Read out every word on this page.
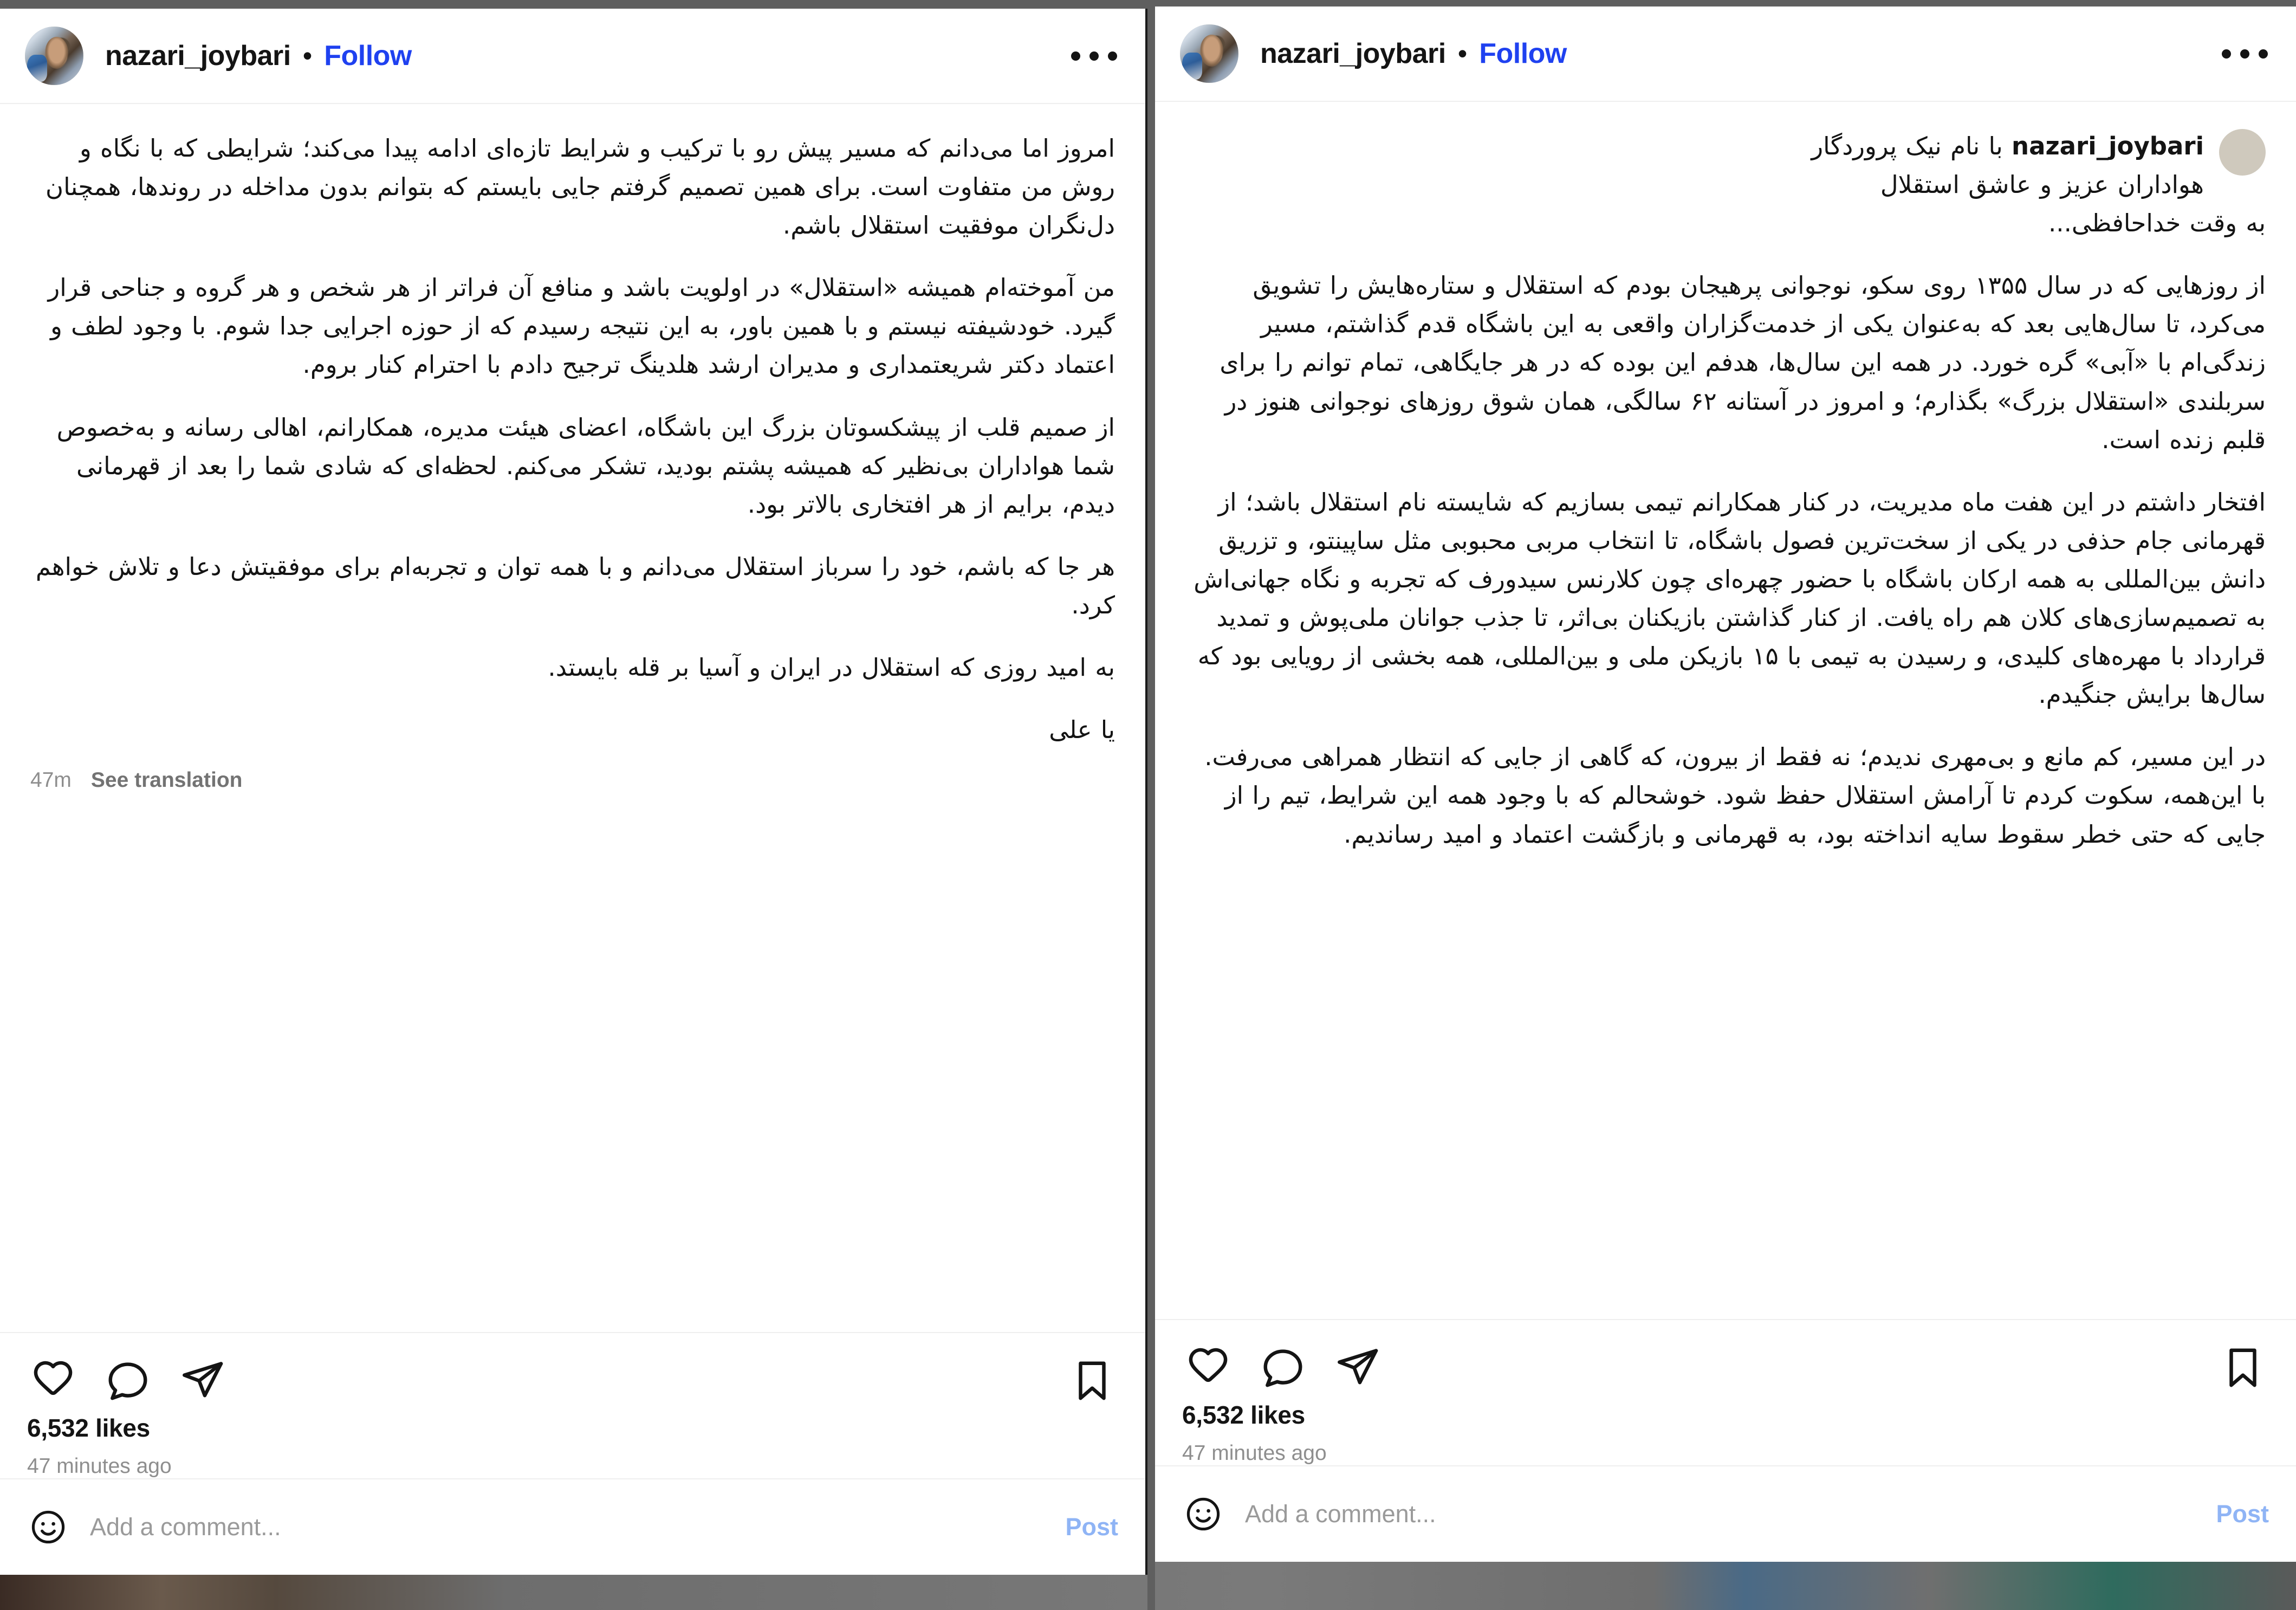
nazari_joybari • Follow

امروز اما می‌دانم که مسیر پیش رو با ترکیب و شرایط تازه‌ای ادامه پیدا می‌کند؛ شرایطی که با نگاه و روش من متفاوت است. برای همین تصمیم گرفتم جایی بایستم که بتوانم بدون مداخله در روندها، همچنان دل‌نگران موفقیت استقلال باشم.

من آموخته‌ام همیشه «استقلال» در اولویت باشد و منافع آن فراتر از هر شخص و هر گروه و جناحی قرار گیرد. خودشیفته نیستم و با همین باور، به این نتیجه رسیدم که از حوزه اجرایی جدا شوم. با وجود لطف و اعتماد دکتر شریعتمداری و مدیران ارشد هلدینگ ترجیح دادم با احترام کنار بروم.

از صمیم قلب از پیشکسوتان بزرگ این باشگاه، اعضای هیئت مدیره، همکارانم، اهالی رسانه و به‌خصوص شما هواداران بی‌نظیر که همیشه پشتم بودید، تشکر می‌کنم. لحظه‌ای که شادی شما را بعد از قهرمانی دیدم، برایم از هر افتخاری بالاتر بود.

هر جا که باشم، خود را سرباز استقلال می‌دانم و با همه توان و تجربه‌ام برای موفقیتش دعا و تلاش خواهم کرد.

به امید روزی که استقلال در ایران و آسیا بر قله بایستد.

یا علی

47m See translation
6,532 likes
47 minutes ago
Add a comment...
Post
nazari_joybari • Follow

nazari_joybari با نام نیک پروردگار
هواداران عزیز و عاشق استقلال
به وقت خداحافظی...

از روزهایی که در سال ۱۳۵۵ روی سکو، نوجوانی پرهیجان بودم که استقلال و ستاره‌هایش را تشویق می‌کرد، تا سال‌هایی بعد که به‌عنوان یکی از خدمت‌گزاران واقعی به این باشگاه قدم گذاشتم، مسیر زندگی‌ام با «آبی» گره خورد. در همه این سال‌ها، هدفم این بوده که در هر جایگاهی، تمام توانم را برای سربلندی «استقلال بزرگ» بگذارم؛ و امروز در آستانه ۶۲ سالگی، همان شوق روزهای نوجوانی هنوز در قلبم زنده است.

افتخار داشتم در این هفت ماه مدیریت، در کنار همکارانم تیمی بسازیم که شایسته نام استقلال باشد؛ از قهرمانی جام حذفی در یکی از سخت‌ترین فصول باشگاه، تا انتخاب مربی محبوبی مثل ساپینتو، و تزریق دانش بین‌المللی به همه ارکان باشگاه با حضور چهره‌ای چون کلارنس سیدورف که تجربه و نگاه جهانی‌اش به تصمیم‌سازی‌های کلان هم راه یافت. از کنار گذاشتن بازیکنان بی‌اثر، تا جذب جوانان ملی‌پوش و تمدید قرارداد با مهره‌های کلیدی، و رسیدن به تیمی با ۱۵ بازیکن ملی و بین‌المللی، همه بخشی از رویایی بود که سال‌ها برایش جنگیدم.

در این مسیر، کم مانع و بی‌مهری ندیدم؛ نه فقط از بیرون، که گاهی از جایی که انتظار همراهی می‌رفت. با این‌همه، سکوت کردم تا آرامش استقلال حفظ شود. خوشحالم که با وجود همه این شرایط، تیم را از جایی که حتی خطر سقوط سایه انداخته بود، به قهرمانی و بازگشت اعتماد و امید رساندیم.

6,532 likes
47 minutes ago
Add a comment...
Post
